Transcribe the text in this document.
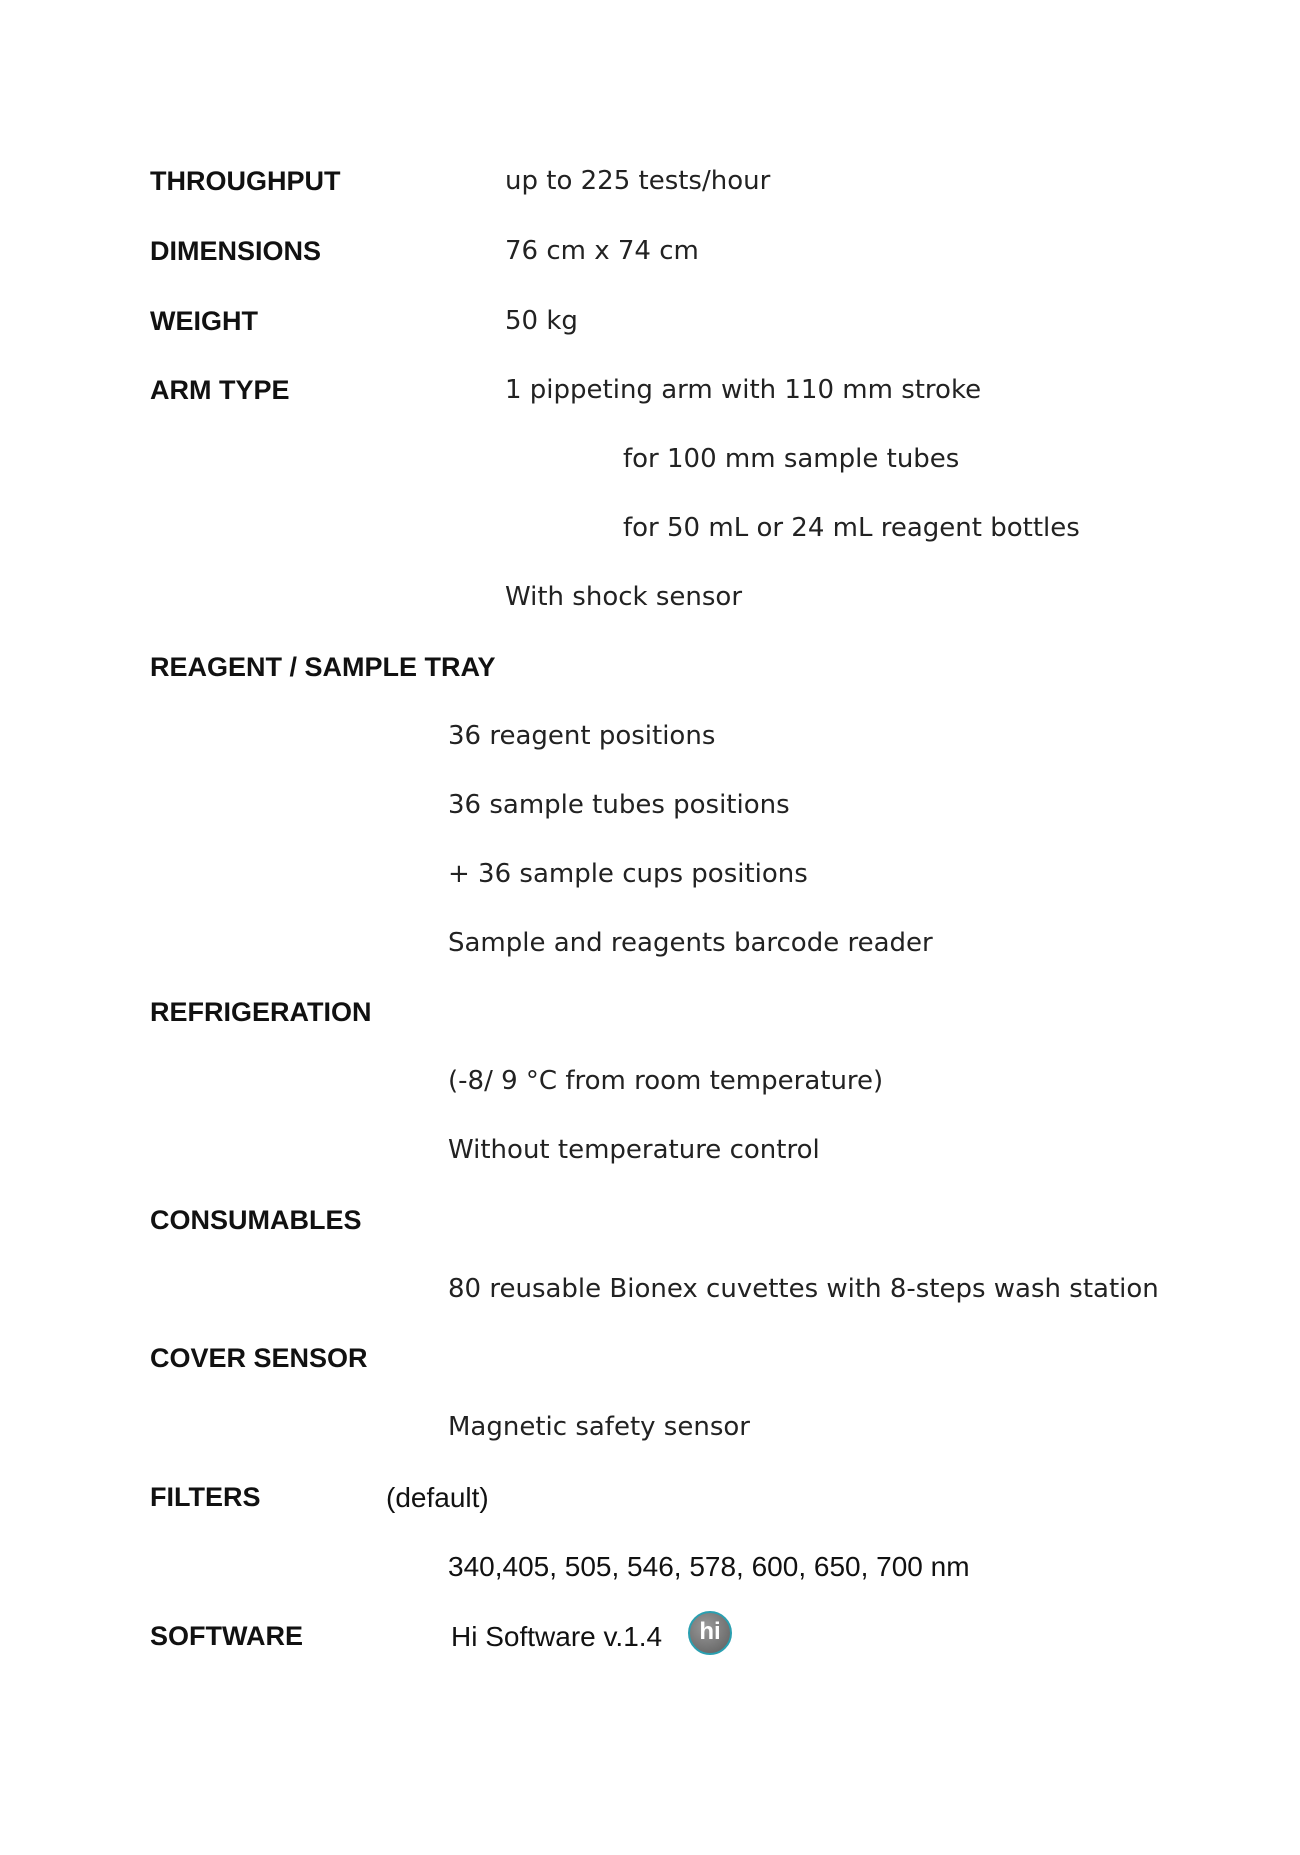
THROUGHPUT	up to 225 tests/hour
DIMENSIONS	76 cm x 74 cm
WEIGHT	50 kg
ARM TYPE	1 pippeting arm with 110 mm stroke
for 100 mm sample tubes
for 50 mL or 24 mL reagent bottles
With shock sensor
REAGENT / SAMPLE TRAY
36 reagent positions
36 sample tubes positions
+ 36 sample cups positions
Sample and reagents barcode reader
REFRIGERATION
(-8/ 9 °C from room temperature)
Without temperature control
CONSUMABLES
80 reusable Bionex cuvettes with 8-steps wash station
COVER SENSOR
Magnetic safety sensor
FILTERS	(default)
340,405, 505, 546, 578, 600, 650, 700 nm
SOFTWARE	Hi Software v.1.4 hi
